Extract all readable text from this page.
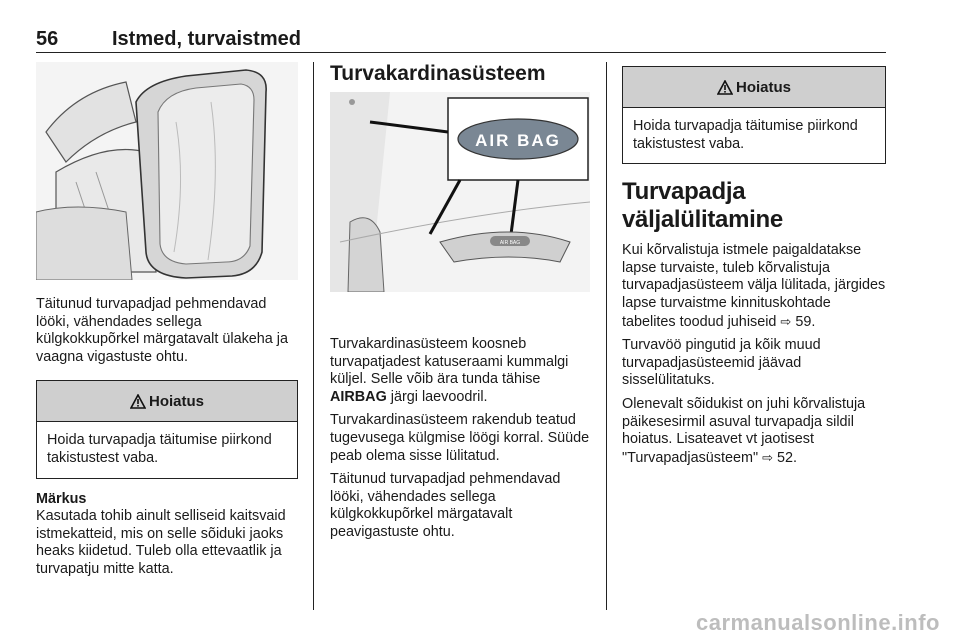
56	Istmed, turvaistmed

Täitunud turvapadjad pehmendavad lööki, vähendades sellega külgkokkupõrkel märgatavalt ülakeha ja vaagna vigastuste ohtu.

Hoiatus

Hoida turvapadja täitumise piirkond takistustest vaba.

Märkus

Kasutada tohib ainult selliseid kaitsvaid istmekatteid, mis on selle sõiduki jaoks heaks kiidetud. Tuleb olla ettevaatlik ja turvapatju mitte katta.

Turvakardinasüsteem
AIR BAG
AIR BAG

Turvakardinasüsteem koosneb turvapatjadest katuseraami kummalgi küljel. Selle võib ära tunda tähise AIRBAG järgi laevoodril.

Turvakardinasüsteem rakendub teatud tugevusega külgmise löögi korral. Süüde peab olema sisse lülitatud.

Täitunud turvapadjad pehmendavad lööki, vähendades sellega külgkokkupõrkel märgatavalt peavigastuste ohtu.

Hoiatus

Hoida turvapadja täitumise piirkond takistustest vaba.

Turvapadja väljalülitamine

Kui kõrvalistuja istmele paigaldatakse lapse turvaiste, tuleb kõrvalistuja turvapadjasüsteem välja lülitada, järgides lapse turvaistme kinnituskohtade tabelites toodud juhiseid ⇨ 59.

Turvavöö pingutid ja kõik muud turvapadjasüsteemid jäävad sisselülitatuks.

Olenevalt sõidukist on juhi kõrvalistuja päikesesirmil asuval turvapadja sildil hoiatus. Lisateavet vt jaotisest "Turvapadjasüsteem" ⇨ 52.

carmanualsonline.info
